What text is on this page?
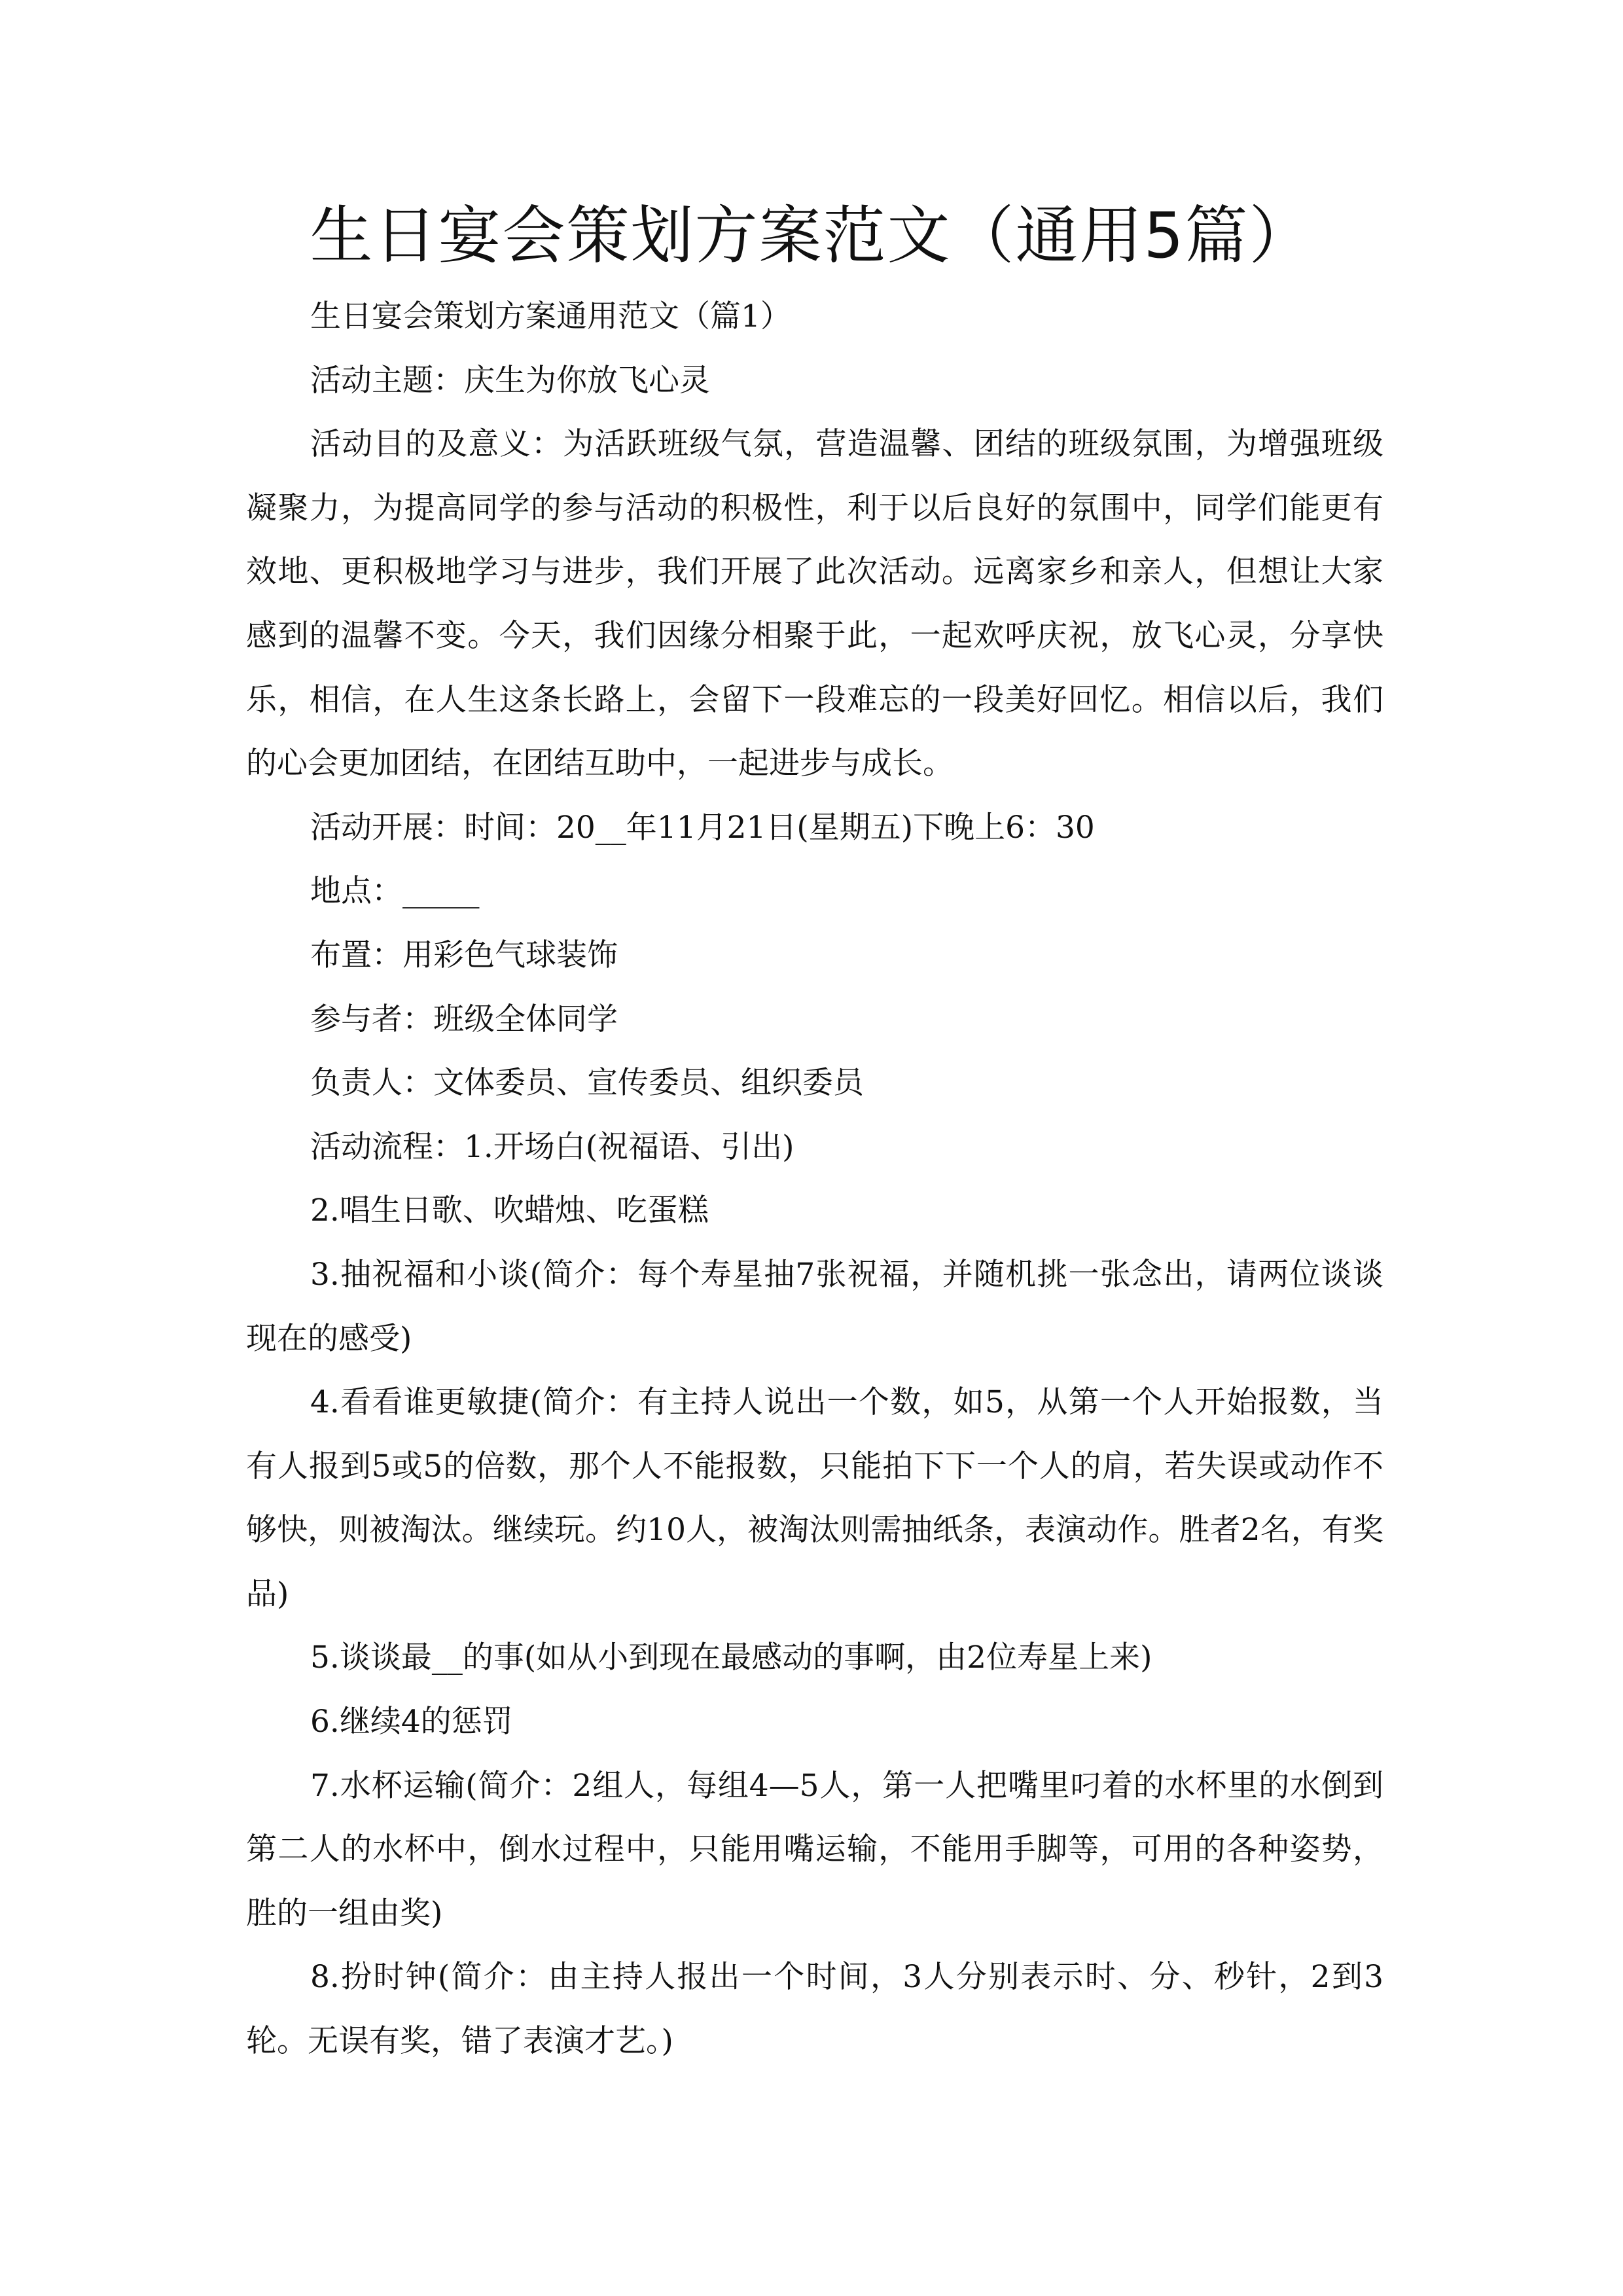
生日宴会策划方案范文（通用5篇）

生日宴会策划方案通用范文（篇1）

活动主题：庆生为你放飞心灵

活动目的及意义：为活跃班级气氛，营造温馨、团结的班级氛围，为增强班级凝聚力，为提高同学的参与活动的积极性，利于以后良好的氛围中，同学们能更有效地、更积极地学习与进步，我们开展了此次活动。远离家乡和亲人，但想让大家感到的温馨不变。今天，我们因缘分相聚于此，一起欢呼庆祝，放飞心灵，分享快乐，相信，在人生这条长路上，会留下一段难忘的一段美好回忆。相信以后，我们的心会更加团结，在团结互助中，一起进步与成长。

活动开展：时间：20__年11月21日(星期五)下晚上6：30

地点：_____

布置：用彩色气球装饰

参与者：班级全体同学

负责人：文体委员、宣传委员、组织委员

活动流程：1.开场白(祝福语、引出)

2.唱生日歌、吹蜡烛、吃蛋糕

3.抽祝福和小谈(简介：每个寿星抽7张祝福，并随机挑一张念出，请两位谈谈现在的感受)

4.看看谁更敏捷(简介：有主持人说出一个数，如5，从第一个人开始报数，当有人报到5或5的倍数，那个人不能报数，只能拍下下一个人的肩，若失误或动作不够快，则被淘汰。继续玩。约10人，被淘汰则需抽纸条，表演动作。胜者2名，有奖品)

5.谈谈最__的事(如从小到现在最感动的事啊，由2位寿星上来)

6.继续4的惩罚

7.水杯运输(简介：2组人，每组4—5人，第一人把嘴里叼着的水杯里的水倒到第二人的水杯中，倒水过程中，只能用嘴运输，不能用手脚等，可用的各种姿势，胜的一组由奖)

8.扮时钟(简介：由主持人报出一个时间，3人分别表示时、分、秒针，2到3轮。无误有奖，错了表演才艺。)
